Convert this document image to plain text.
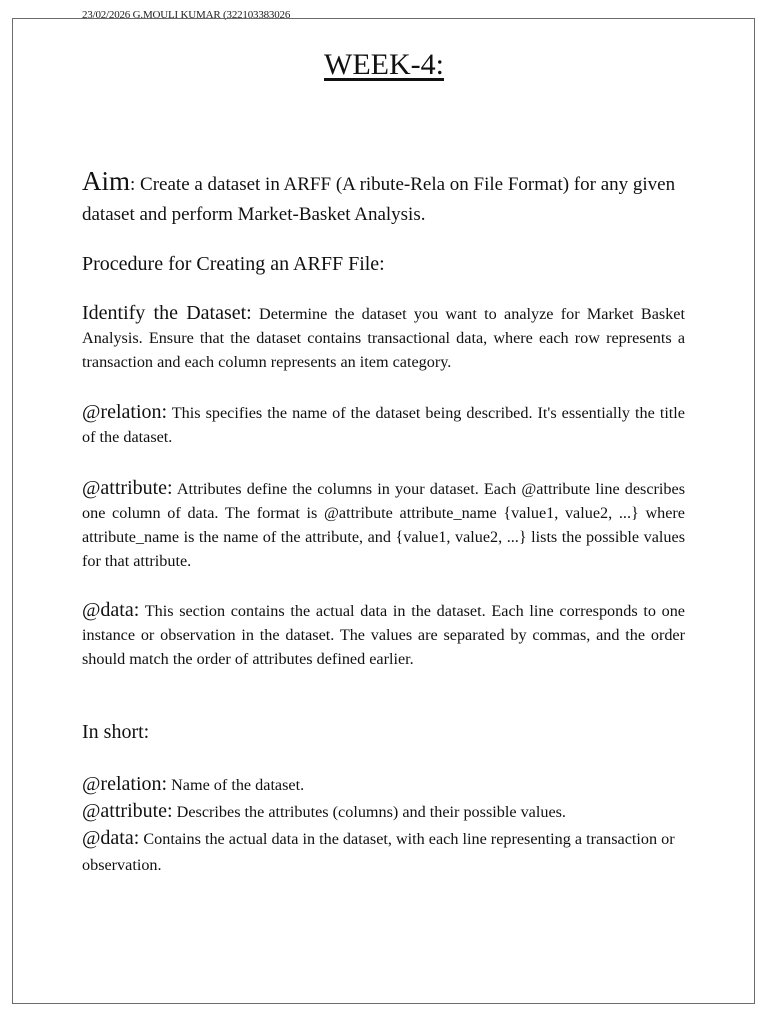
23/02/2026 G.MOULI KUMAR (322103383026
WEEK-4:
Aim: Create a dataset in ARFF (A ribute-Rela on File Format) for any given dataset and perform Market-Basket Analysis.
Procedure for Creating an ARFF File:
Identify the Dataset: Determine the dataset you want to analyze for Market Basket Analysis. Ensure that the dataset contains transactional data, where each row represents a transaction and each column represents an item category.
@relation: This specifies the name of the dataset being described. It's essentially the title of the dataset.
@attribute: Attributes define the columns in your dataset. Each @attribute line describes one column of data. The format is @attribute attribute_name {value1, value2, ...} where attribute_name is the name of the attribute, and {value1, value2, ...} lists the possible values for that attribute.
@data: This section contains the actual data in the dataset. Each line corresponds to one instance or observation in the dataset. The values are separated by commas, and the order should match the order of attributes defined earlier.
In short:
@relation: Name of the dataset.
@attribute: Describes the attributes (columns) and their possible values.
@data: Contains the actual data in the dataset, with each line representing a transaction or observation.
